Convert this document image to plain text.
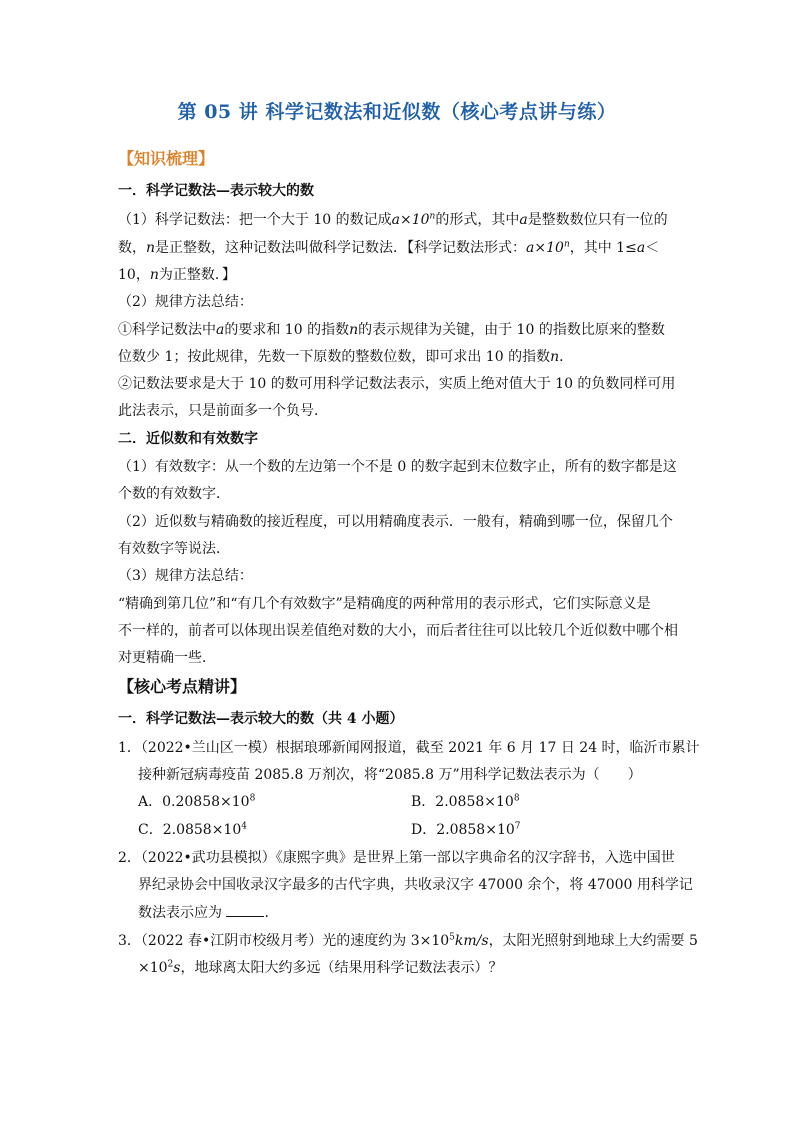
第 05 讲 科学记数法和近似数（核心考点讲与练）
【知识梳理】
一．科学记数法—表示较大的数
（1）科学记数法：把一个大于 10 的数记成$a\times 10^n$的形式，其中a是整数数位只有一位的
数，n是正整数，这种记数法叫做科学记数法．【科学记数法形式：$a\times 10^n$，其中 1≤a＜
10，n为正整数．】
（2）规律方法总结：
①科学记数法中a的要求和 10 的指数n的表示规律为关键，由于 10 的指数比原来的整数
位数少 1；按此规律，先数一下原数的整数位数，即可求出 10 的指数n．
②记数法要求是大于 10 的数可用科学记数法表示，实质上绝对值大于 10 的负数同样可用
此法表示，只是前面多一个负号．
二．近似数和有效数字
（1）有效数字：从一个数的左边第一个不是 0 的数字起到末位数字止，所有的数字都是这
个数的有效数字．
（2）近似数与精确数的接近程度，可以用精确度表示．一般有，精确到哪一位，保留几个
有效数字等说法．
（3）规律方法总结：
“精确到第几位”和“有几个有效数字”是精确度的两种常用的表示形式，它们实际意义是
不一样的，前者可以体现出误差值绝对数的大小，而后者往往可以比较几个近似数中哪个相
对更精确一些．
【核心考点精讲】
一．科学记数法—表示较大的数（共 4 小题）
1．（2022•兰山区一模）根据琅琊新闻网报道，截至 2021 年 6 月 17 日 24 时，临沂市累计
接种新冠病毒疫苗 2085.8 万剂次，将“2085.8 万”用科学记数法表示为（　　）
A．$0.20858\times 10^8$	B．$2.0858\times 10^8$
C．$2.0858\times 10^4$	D．$2.0858\times 10^7$
2．（2022•武功县模拟）《康熙字典》是世界上第一部以字典命名的汉字辞书，入选中国世
界纪录协会中国收录汉字最多的古代字典，共收录汉字 47000 余个，将 47000 用科学记
数法表示应为	．
3．（2022 春•江阴市校级月考）光的速度约为 $3\times 10^5km/s$，太阳光照射到地球上大约需要 5
$\times 10^2s$，地球离太阳大约多远（结果用科学记数法表示）？
